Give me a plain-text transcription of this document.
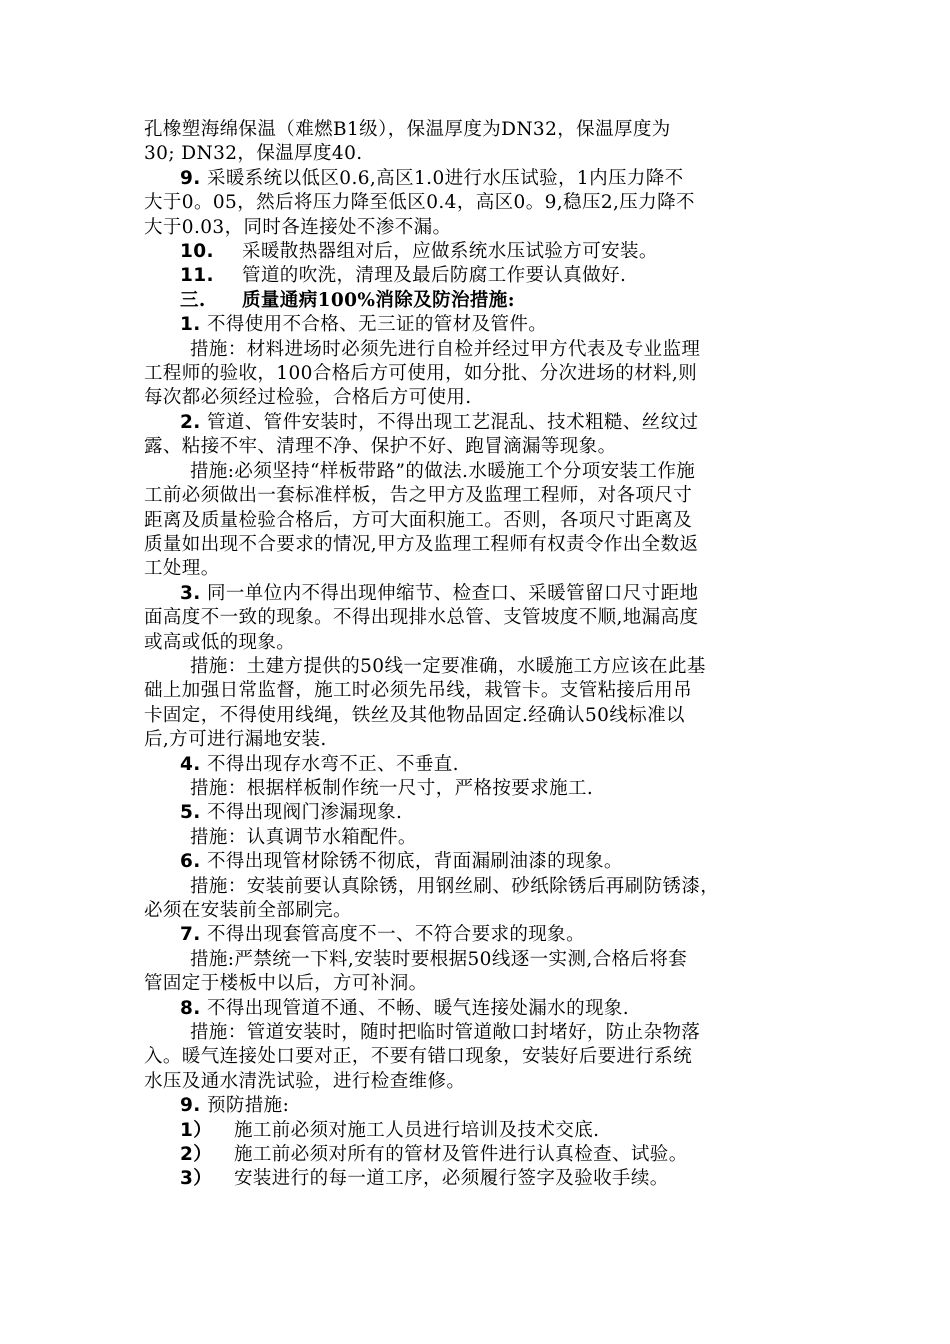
孔橡塑海绵保温（难燃B1级），保温厚度为DN32，保温厚度为

30; DN32，保温厚度40.

9. 采暖系统以低区0.6,高区1.0进行水压试验，1内压力降不

大于0。05，然后将压力降至低区0.4，高区0。9,稳压2,压力降不

大于0.03，同时各连接处不渗不漏。

10. 采暖散热器组对后，应做系统水压试验方可安装。

11. 管道的吹洗，清理及最后防腐工作要认真做好.

三. 质量通病100%消除及防治措施:

1. 不得使用不合格、无三证的管材及管件。

措施：材料进场时必须先进行自检并经过甲方代表及专业监理

工程师的验收，100合格后方可使用，如分批、分次进场的材料,则

每次都必须经过检验，合格后方可使用.

2. 管道、管件安装时，不得出现工艺混乱、技术粗糙、丝纹过

露、粘接不牢、清理不净、保护不好、跑冒滴漏等现象。

措施:必须坚持“样板带路”的做法.水暖施工个分项安装工作施

工前必须做出一套标准样板，告之甲方及监理工程师，对各项尺寸

距离及质量检验合格后，方可大面积施工。否则，各项尺寸距离及

质量如出现不合要求的情况,甲方及监理工程师有权责令作出全数返

工处理。

3. 同一单位内不得出现伸缩节、检查口、采暖管留口尺寸距地

面高度不一致的现象。不得出现排水总管、支管坡度不顺,地漏高度

或高或低的现象。

措施：土建方提供的50线一定要准确，水暖施工方应该在此基

础上加强日常监督，施工时必须先吊线，栽管卡。支管粘接后用吊

卡固定，不得使用线绳，铁丝及其他物品固定.经确认50线标准以

后,方可进行漏地安装.

4. 不得出现存水弯不正、不垂直.

措施：根据样板制作统一尺寸，严格按要求施工.

5. 不得出现阀门渗漏现象.

措施：认真调节水箱配件。

6. 不得出现管材除锈不彻底，背面漏刷油漆的现象。

措施：安装前要认真除锈，用钢丝刷、砂纸除锈后再刷防锈漆，

必须在安装前全部刷完。

7. 不得出现套管高度不一、不符合要求的现象。

措施:严禁统一下料,安装时要根据50线逐一实测,合格后将套

管固定于楼板中以后，方可补洞。

8. 不得出现管道不通、不畅、暖气连接处漏水的现象.

措施：管道安装时，随时把临时管道敞口封堵好，防止杂物落

入。暖气连接处口要对正，不要有错口现象，安装好后要进行系统

水压及通水清洗试验，进行检查维修。

9. 预防措施:

1） 施工前必须对施工人员进行培训及技术交底.

2） 施工前必须对所有的管材及管件进行认真检查、试验。

3） 安装进行的每一道工序，必须履行签字及验收手续。
